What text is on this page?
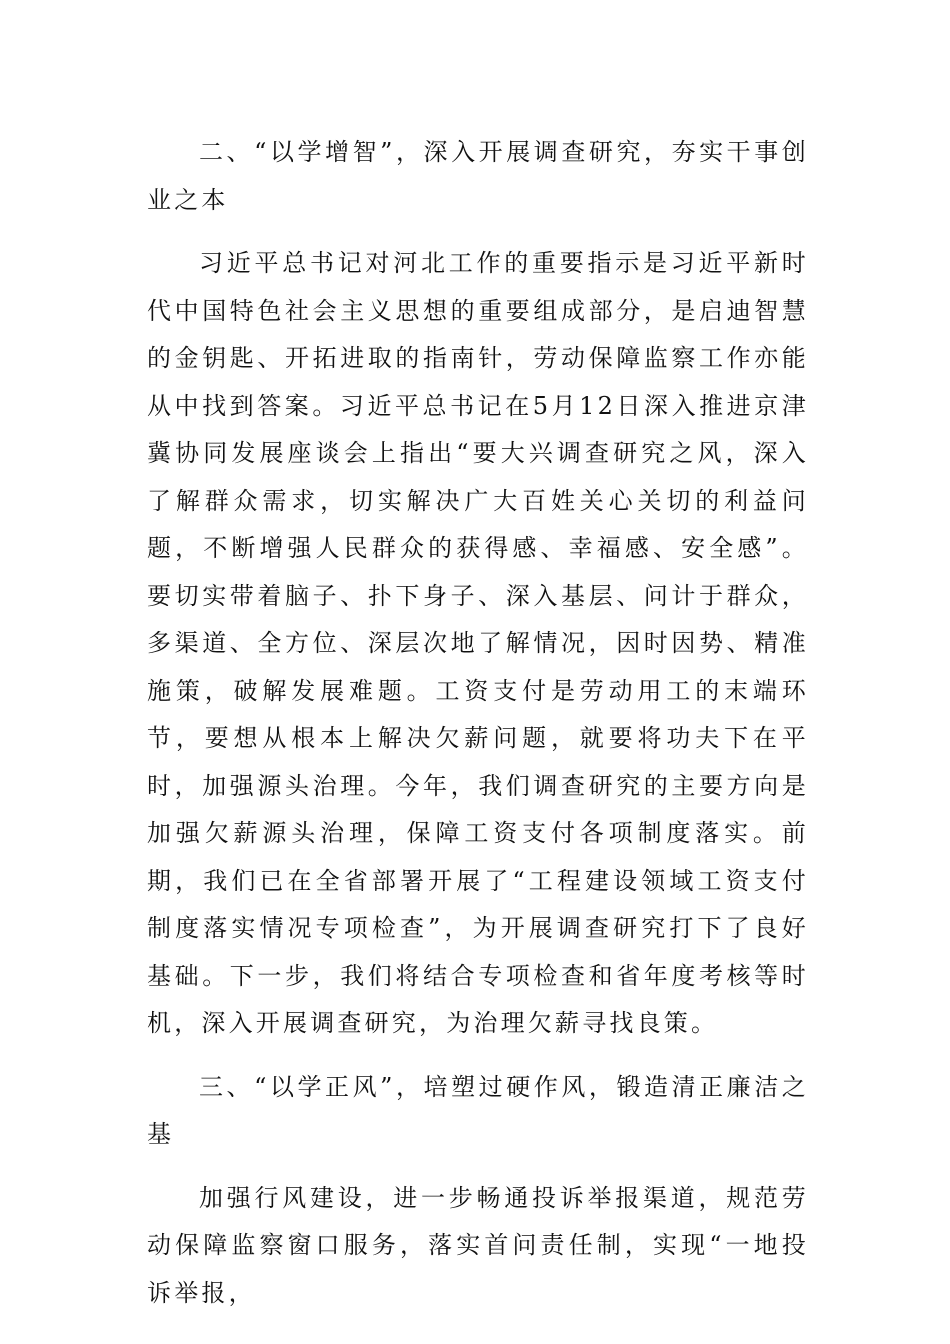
二、“以学增智”，深入开展调查研究，夯实干事创业之本

习近平总书记对河北工作的重要指示是习近平新时代中国特色社会主义思想的重要组成部分，是启迪智慧的金钥匙、开拓进取的指南针，劳动保障监察工作亦能从中找到答案。习近平总书记在5月12日深入推进京津冀协同发展座谈会上指出“要大兴调查研究之风，深入了解群众需求，切实解决广大百姓关心关切的利益问题，不断增强人民群众的获得感、幸福感、安全感”。要切实带着脑子、扑下身子、深入基层、问计于群众，多渠道、全方位、深层次地了解情况，因时因势、精准施策，破解发展难题。工资支付是劳动用工的末端环节，要想从根本上解决欠薪问题，就要将功夫下在平时，加强源头治理。今年，我们调查研究的主要方向是加强欠薪源头治理，保障工资支付各项制度落实。前期，我们已在全省部署开展了“工程建设领域工资支付制度落实情况专项检查”，为开展调查研究打下了良好基础。下一步，我们将结合专项检查和省年度考核等时机，深入开展调查研究，为治理欠薪寻找良策。

三、“以学正风”，培塑过硬作风，锻造清正廉洁之基

加强行风建设，进一步畅通投诉举报渠道，规范劳动保障监察窗口服务，落实首问责任制，实现“一地投诉举报，
